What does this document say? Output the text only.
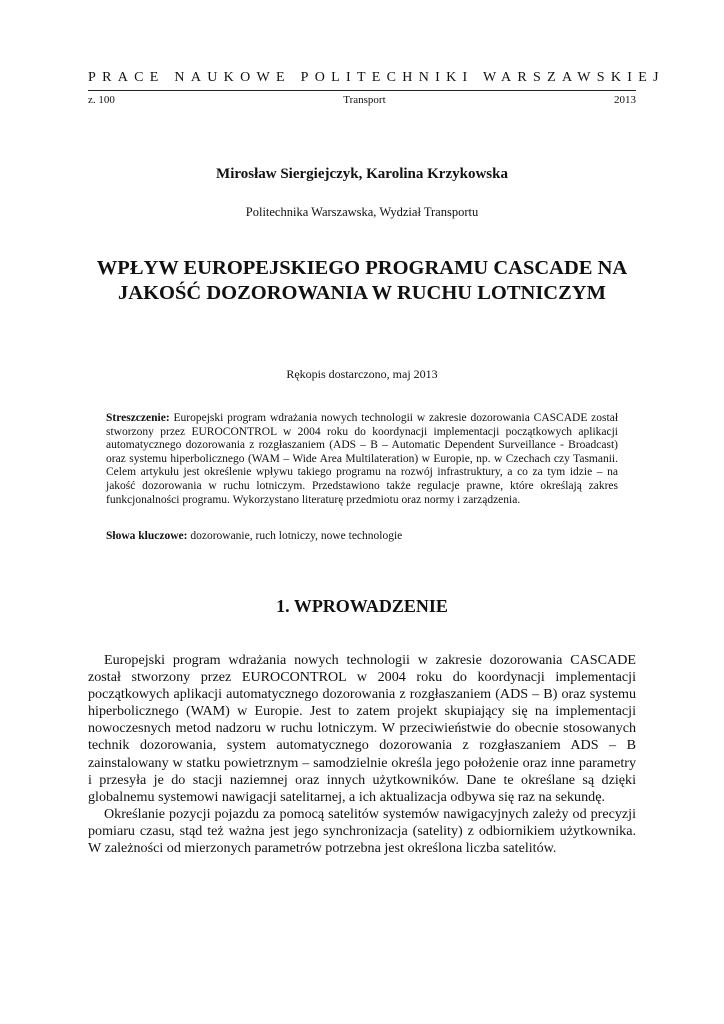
PRACE NAUKOWE POLITECHNIKI WARSZAWSKIEJ
z. 100	Transport	2013
Mirosław Siergiejczyk, Karolina Krzykowska
Politechnika Warszawska, Wydział Transportu
WPŁYW EUROPEJSKIEGO PROGRAMU CASCADE NA JAKOŚĆ DOZOROWANIA W RUCHU LOTNICZYM
Rękopis dostarczono, maj 2013
Streszczenie: Europejski program wdrażania nowych technologii w zakresie dozorowania CASCADE został stworzony przez EUROCONTROL w 2004 roku do koordynacji implementacji początkowych aplikacji automatycznego dozorowania z rozgłaszaniem (ADS – B – Automatic Dependent Surveillance - Broadcast) oraz systemu hiperbolicznego (WAM – Wide Area Multilateration) w Europie, np. w Czechach czy Tasmanii. Celem artykułu jest określenie wpływu takiego programu na rozwój infrastruktury, a co za tym idzie – na jakość dozorowania w ruchu lotniczym. Przedstawiono także regulacje prawne, które określają zakres funkcjonalności programu. Wykorzystano literaturę przedmiotu oraz normy i zarządzenia.
Słowa kluczowe: dozorowanie, ruch lotniczy, nowe technologie
1. WPROWADZENIE

Europejski program wdrażania nowych technologii w zakresie dozorowania CASCADE został stworzony przez EUROCONTROL w 2004 roku do koordynacji implementacji początkowych aplikacji automatycznego dozorowania z rozgłaszaniem (ADS – B) oraz systemu hiperbolicznego (WAM) w Europie. Jest to zatem projekt skupiający się na implementacji nowoczesnych metod nadzoru w ruchu lotniczym. W przeciwieństwie do obecnie stosowanych technik dozorowania, system automatycznego dozorowania z rozgłaszaniem ADS – B zainstalowany w statku powietrznym – samodzielnie określa jego położenie oraz inne parametry i przesyła je do stacji naziemnej oraz innych użytkowników. Dane te określane są dzięki globalnemu systemowi nawigacji satelitarnej, a ich aktualizacja odbywa się raz na sekundę.

Określanie pozycji pojazdu za pomocą satelitów systemów nawigacyjnych zależy od precyzji pomiaru czasu, stąd też ważna jest jego synchronizacja (satelity) z odbiornikiem użytkownika. W zależności od mierzonych parametrów potrzebna jest określona liczba satelitów.
